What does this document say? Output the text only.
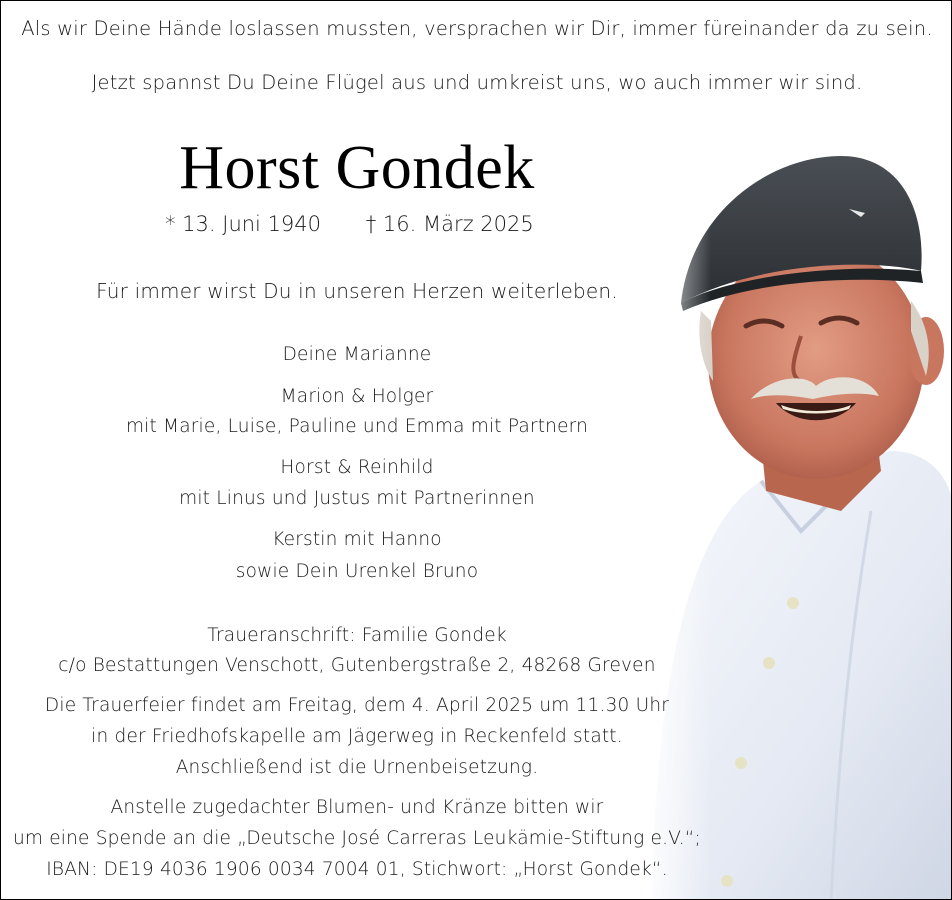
Als wir Deine Hände loslassen mussten, versprachen wir Dir, immer füreinander da zu sein.
Jetzt spannst Du Deine Flügel aus und umkreist uns, wo auch immer wir sind.
Horst Gondek
* 13. Juni 1940 † 16. März 2025
Für immer wirst Du in unseren Herzen weiterleben.
Deine Marianne
Marion & Holger
mit Marie, Luise, Pauline und Emma mit Partnern
Horst & Reinhild
mit Linus und Justus mit Partnerinnen
Kerstin mit Hanno
sowie Dein Urenkel Bruno
Traueranschrift: Familie Gondek
c/o Bestattungen Venschott, Gutenbergstraße 2, 48268 Greven
Die Trauerfeier findet am Freitag, dem 4. April 2025 um 11.30 Uhr
in der Friedhofskapelle am Jägerweg in Reckenfeld statt.
Anschließend ist die Urnenbeisetzung.
Anstelle zugedachter Blumen- und Kränze bitten wir
um eine Spende an die „Deutsche José Carreras Leukämie-Stiftung e.V.“;
IBAN: DE19 4036 1906 0034 7004 01, Stichwort: „Horst Gondek“.
